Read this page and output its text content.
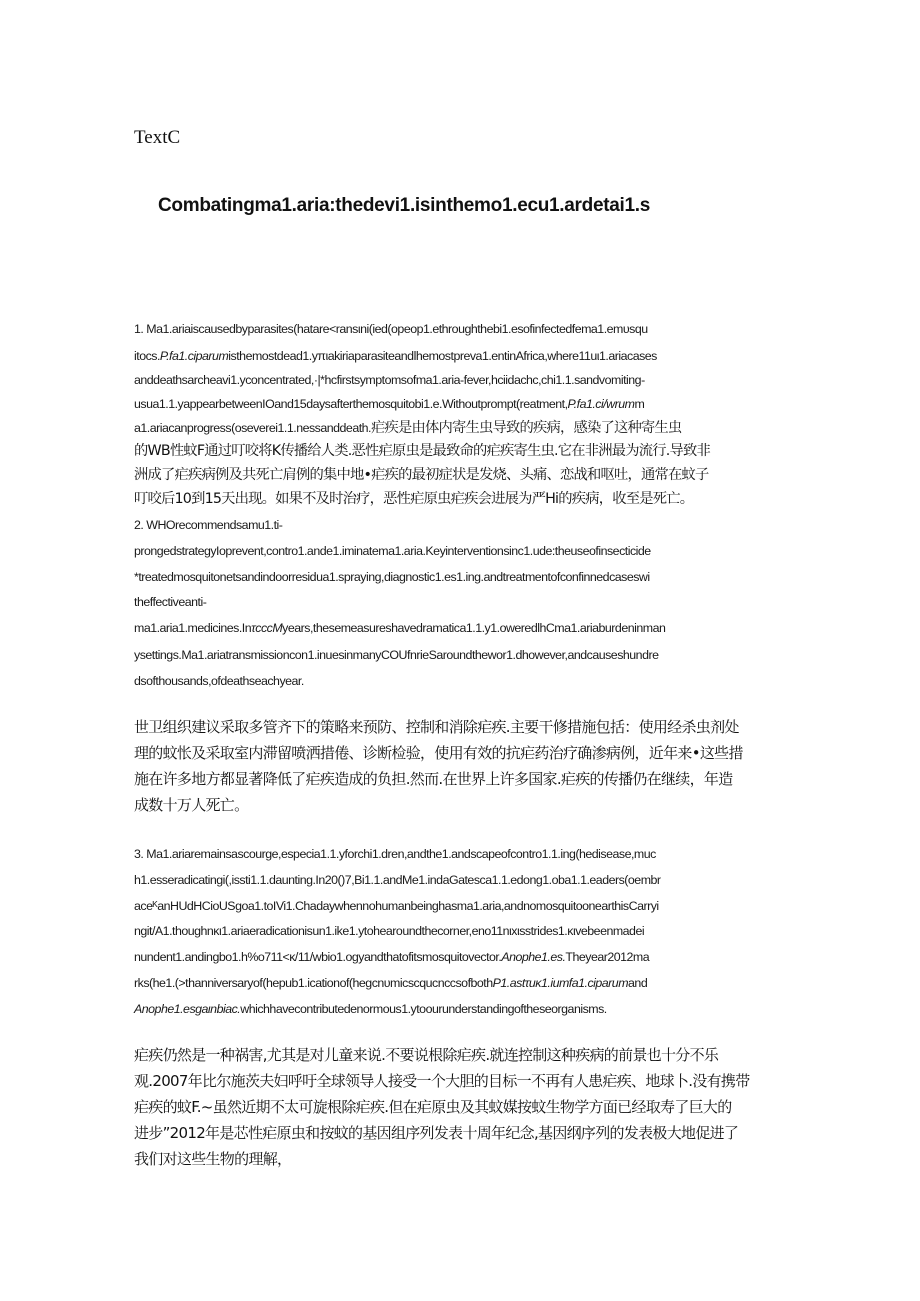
TextC
Combatingma1.aria:thedevi1.isinthemo1.ecu1.ardetai1.s
1. Ma1.ariaiscausedbyparasites(hatare<ransιni(ied(opeop1.ethroughthebi1.esofinfectedfema1.emυsqu
itocs.P.fa1.ciparumisthemostdead1.yπιakiriaparasiteandlhemostpreva1.entinAfrica,where11uι1.ariacases
anddeathsarcheavi1.yconcentrated,·|*hcfirstsymptomsofma1.aria-fever,hciidachc,chi1.1.sandvomiting-
usua1.1.yappearbetweenIOand15daysafterthemosquitobi1.e.Withoutprompt(reatment,P.fa1.ci/wrumm
a1.ariacanprogress(oseverei1.1.nessanddeath.疟疾是由体内寄生虫导致的疾病，感染了这种寄生虫
的WB性蚊F通过叮咬将K传播给人类.恶性疟原虫是最致命的疟疾寄生虫.它在非洲最为流行.导致非
洲成了疟疾病例及共死亡肩例的集中地•疟疾的最初症状是发烧、头痛、恋战和呕吐，通常在蚊子
叮咬后10到15天出现。如果不及时治疗，恶性疟原虫疟疾会进展为严Hi的疾病，收至是死亡。
2. WHOrecommendsamu1.ti-
prongedstrategyIoprevent,contro1.ande1.iminatema1.aria.Keyinterventionsinc1.ude:theuseofinsecticide
*treatedmosquitonetsandindoorresidua1.spraying,diagnostic1.es1.ing.andtreatmentofconfinnedcaseswi
theffectiveanti-
ma1.aria1.medicines.InτcccMyears,thesemeasureshavedramatica1.1.y1.oweredlhCma1.ariaburdeninman
ysettings.Ma1.ariatransmissioncon1.inuesinmanyCOUfnrieSaroundthewor1.dhowever,andcauseshundre
dsofthousands,ofdeathseachyear.
世卫组织建议采取多管齐下的策略来预防、控制和消除疟疾.主要干修措施包括：使用经杀虫剂处
理的蚊怅及采取室内滞留喷洒措倦、诊断检验，使用有效的抗疟药治疗确渗病例，近年来•这些措
施在许多地方都显著降低了疟疾造成的负担.然而.在世界上许多国家.疟疾的传播仍在继续，年造
成数十万人死亡。
3. Ma1.ariaremainsascourge,especia1.1.yforchi1.dren,andthe1.andscapeofcontro1.1.ing(hedisease,muc
h1.esseradicatingi(,issti1.1.daunting.In20()7,Bi1.1.andMe1.indaGatesca1.1.edong1.oba1.1.eaders(oembr
aceᴷanHUdHCioUSgoa1.toIVi1.Chadaywhennohumanbeinghasma1.aria,andnomosquitoonearthisCarryi
ngit/A1.thoughnκι1.ariaeradicationisun1.ike1.ytohearoundthecorner,eno11nιxιsstrides1.κιvebeenmadei
nundent1.andingbo1.h%o711<κ/11/wbio1.ogyandthatofitsmosquitovector.Anophe1.es.Theyear2012ma
rks(he1.(>thanniversaryof(hepub1.icationof(hegcnυmicscqucnccsofbothP1.astτuκ1.iumfa1.ciparumand
Anophe1.esgaιnbiac.whichhavecontributedenormous1.ytoourunderstandingoftheseorganisms.
疟疾仍然是一种祸害,尤其是对儿童来说.不要说根除疟疾.就连控制这种疾病的前景也十分不乐
观.2007年比尔施茨夫妇呼吁全球领导人接受一个大胆的目标一不再有人患疟疾、地球卜.没有携带
疟疾的蚊F.~虽然近期不太可旋根除疟疾.但在疟原虫及其蚊媒按蚊生物学方面已经取寿了巨大的
进步”2012年是芯性疟原虫和按蚊的基因组序列发表十周年纪念,基因纲序列的发表极大地促进了
我们对这些生物的理解，
